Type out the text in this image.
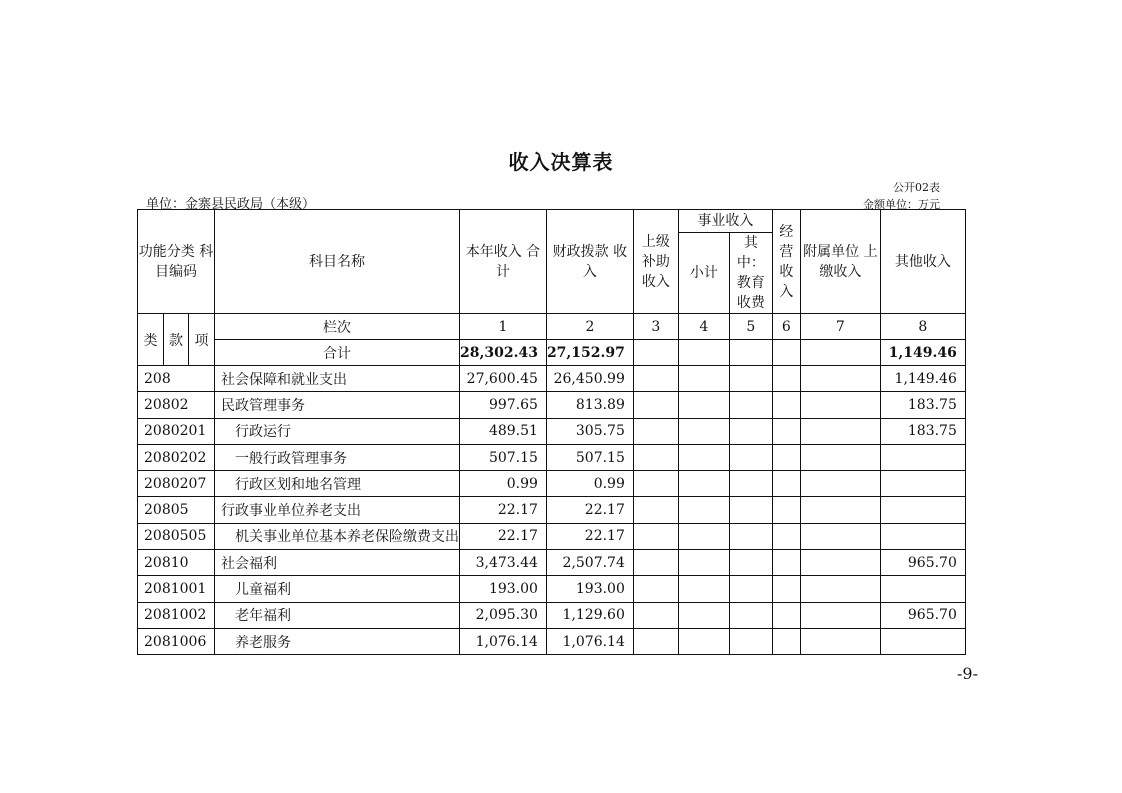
收入决算表
公开02表
单位：金寨县民政局（本级）	金额单位：万元
功能分类 科目编码			科目名称	本年收入 合计	财政拨款 收入	上级 补助 收入	事业收入		经 营 收 入	附属单位 上缴收入	其他收入
							小计	其 中： 教育 收费			
类	款	项	栏次	1	2	3	4	5	6	7	8
			合计	28,302.43	27,152.97						1,149.46
208			社会保障和就业支出	27,600.45	26,450.99						1,149.46
20802			民政管理事务	997.65	813.89						183.75
2080201			行政运行	489.51	305.75						183.75
2080202			一般行政管理事务	507.15	507.15						
2080207			行政区划和地名管理	0.99	0.99						
20805			行政事业单位养老支出	22.17	22.17						
2080505			机关事业单位基本养老保险缴费支出	22.17	22.17						
20810			社会福利	3,473.44	2,507.74						965.70
2081001			儿童福利	193.00	193.00						
2081002			老年福利	2,095.30	1,129.60						965.70
2081006			养老服务	1,076.14	1,076.14						
-9-
